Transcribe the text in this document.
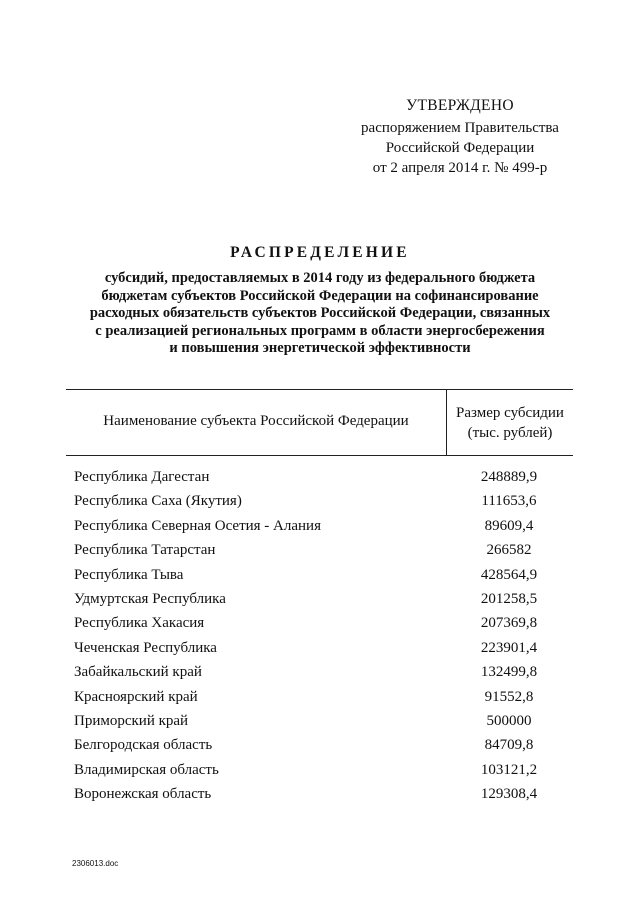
УТВЕРЖДЕНО
распоряжением Правительства
Российской Федерации
от 2 апреля 2014 г. № 499-р
РАСПРЕДЕЛЕНИЕ
субсидий, предоставляемых в 2014 году из федерального бюджета
бюджетам субъектов Российской Федерации на софинансирование
расходных обязательств субъектов Российской Федерации, связанных
с реализацией региональных программ в области энергосбережения
и повышения энергетической эффективности
Наименование субъекта Российской Федерации	Размер субсидии
(тыс. рублей)
Республика Дагестан	248889,9
Республика Саха (Якутия)	111653,6
Республика Северная Осетия - Алания	89609,4
Республика Татарстан	266582
Республика Тыва	428564,9
Удмуртская Республика	201258,5
Республика Хакасия	207369,8
Чеченская Республика	223901,4
Забайкальский край	132499,8
Красноярский край	91552,8
Приморский край	500000
Белгородская область	84709,8
Владимирская область	103121,2
Воронежская область	129308,4
2306013.doc
